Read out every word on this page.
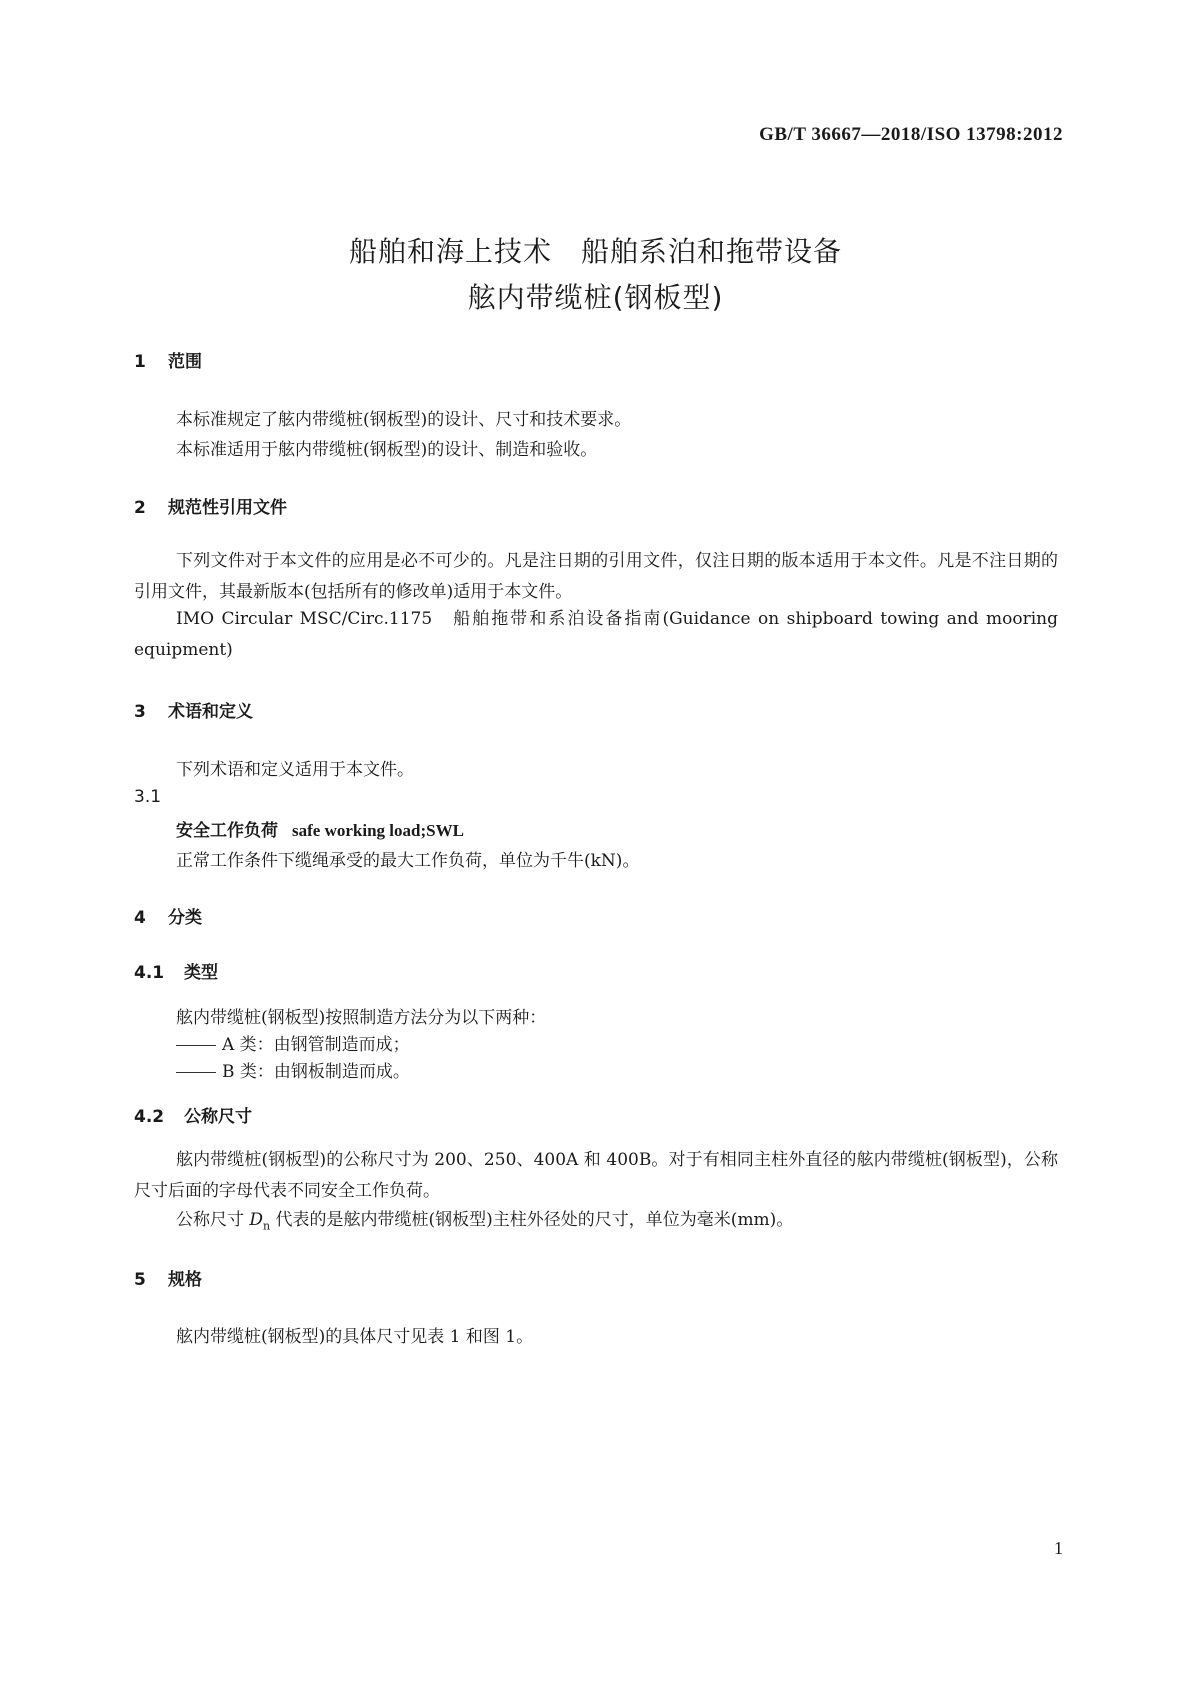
GB/T 36667—2018/ISO 13798:2012
船舶和海上技术　船舶系泊和拖带设备
舷内带缆桩(钢板型)
1 范围
本标准规定了舷内带缆桩(钢板型)的设计、尺寸和技术要求。
本标准适用于舷内带缆桩(钢板型)的设计、制造和验收。
2 规范性引用文件
下列文件对于本文件的应用是必不可少的。凡是注日期的引用文件，仅注日期的版本适用于本文件。凡是不注日期的引用文件，其最新版本(包括所有的修改单)适用于本文件。
IMO Circular MSC/Circ.1175　船舶拖带和系泊设备指南(Guidance on shipboard towing and mooring equipment)
3 术语和定义
下列术语和定义适用于本文件。
3.1
安全工作负荷 safe working load;SWL
正常工作条件下缆绳承受的最大工作负荷，单位为千牛(kN)。
4 分类
4.1 类型
舷内带缆桩(钢板型)按照制造方法分为以下两种：
A 类：由钢管制造而成；
B 类：由钢板制造而成。
4.2 公称尺寸
舷内带缆桩(钢板型)的公称尺寸为 200、250、400A 和 400B。对于有相同主柱外直径的舷内带缆桩(钢板型)，公称尺寸后面的字母代表不同安全工作负荷。
公称尺寸 $D_n$ 代表的是舷内带缆桩(钢板型)主柱外径处的尺寸，单位为毫米(mm)。
5 规格
舷内带缆桩(钢板型)的具体尺寸见表 1 和图 1。
1
